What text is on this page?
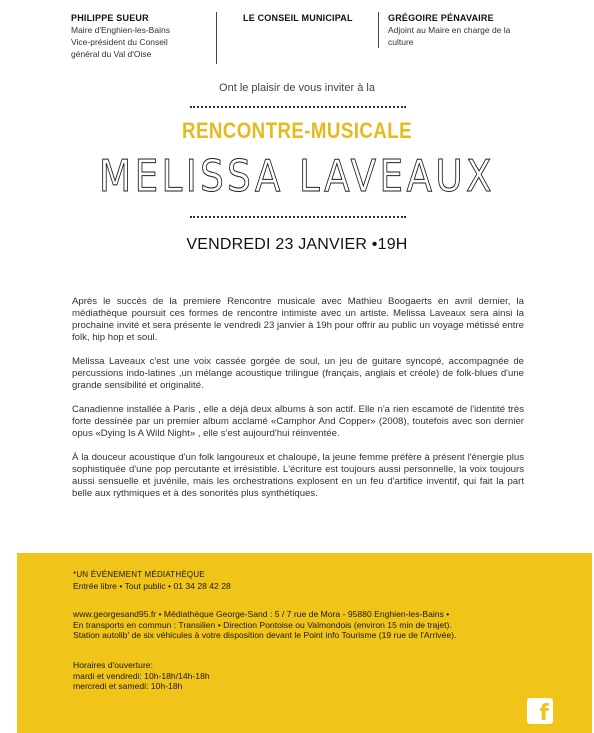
PHILIPPE SUEUR
Maire d'Enghien-les-Bains
Vice-président du Conseil
général du Val d'Oise
LE CONSEIL MUNICIPAL	GRÉGOIRE PÉNAVAIRE
Adjoint au Maire en charge de la
culture
Ont le plaisir de vous inviter à la
RENCONTRE-MUSICALE
MELISSA LAVEAUX
VENDREDI 23 JANVIER •19H

Après le succès de la premiere Rencontre musicale avec Mathieu Boogaerts en avril dernier, la médiathèque poursuit ces formes de rencontre intimiste avec un artiste. Melissa Laveaux sera ainsi la prochaine invité et sera présente le vendredi 23 janvier à 19h pour offrir au public un voyage métissé entre folk, hip hop et soul.

Melissa Laveaux c'est une voix cassée gorgée de soul, un jeu de guitare syncopé, accompagnée de percussions indo-latines ,un mélange acoustique trilingue (français, anglais et créole) de folk-blues d'une grande sensibilité et originalité.

Canadienne installée à Paris , elle a déjà deux albums à son actif. Elle n'a rien escamoté de l'identité très forte dessinée par un premier album acclamé «Camphor And Copper» (2008), toutefois avec son dernier opus «Dying Is A Wild Night» , elle s'est aujourd'hui réinventée.

À la douceur acoustique d'un folk langoureux et chaloupé, la jeune femme préfère à présent l'énergie plus sophistiquée d'une pop percutante et irrésistible. L'écriture est toujours aussi personnelle, la voix toujours aussi sensuelle et juvénile, mais les orchestrations explosent en un feu d'artifice inventif, qui fait la part belle aux rythmiques et à des sonorités plus synthétiques.

*UN ÉVÉNEMENT MÉDIATHÈQUE
Entrée libre • Tout public • 01 34 28 42 28
www.georgesand95.fr • Médiathèque George-Sand : 5 / 7 rue de Mora - 95880 Enghien-les-Bains •
En transports en commun : Transilien • Direction Pontoise ou Valmondois (environ 15 min de trajet).
Station autolib' de six véhicules à votre disposition devant le Point info Tourisme (19 rue de l'Arrivée).
Horaires d'ouverture:
mardi et vendredi: 10h-18h/14h-18h
mercredi et samedi: 10h-18h
f
